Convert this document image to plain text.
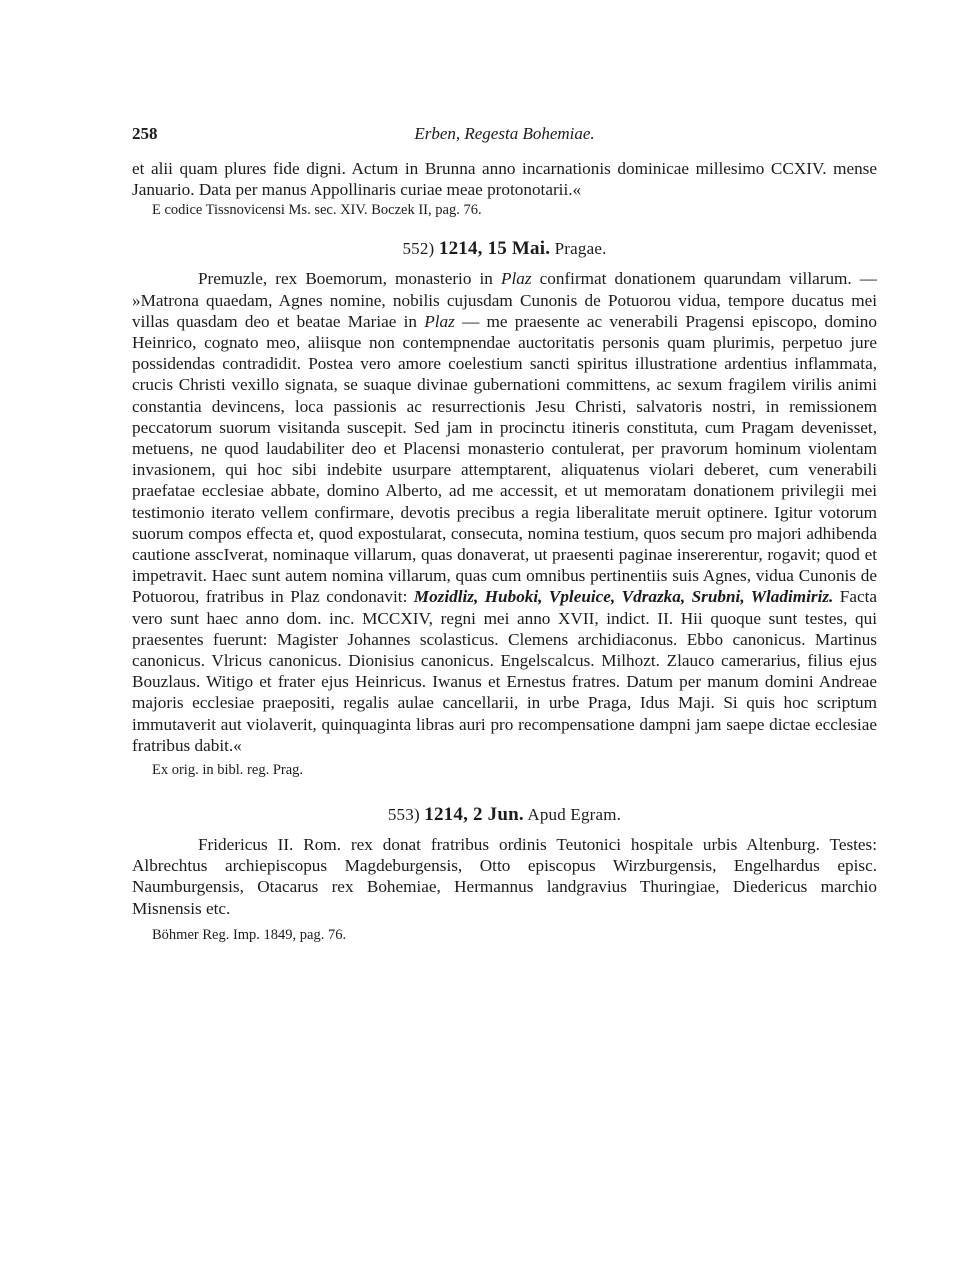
258	Erben, Regesta Bohemiae.

et alii quam plures fide digni. Actum in Brunna anno incarnationis dominicae millesimo CCXIV. mense Januario. Data per manus Appollinaris curiae meae protonotarii.«

E codice Tissnovicensi Ms. sec. XIV. Boczek II, pag. 76.

552) 1214, 15 Mai. Pragae.

Premuzle, rex Boemorum, monasterio in Plaz confirmat donationem quarundam villarum. — »Matrona quaedam, Agnes nomine, nobilis cujusdam Cunonis de Potuorou vidua, tempore ducatus mei villas quasdam deo et beatae Mariae in Plaz — me praesente ac venerabili Pragensi episcopo, domino Heinrico, cognato meo, aliisque non contempnendae auctoritatis personis quam plurimis, perpetuo jure possidendas contradidit. Postea vero amore coelestium sancti spiritus illustratione ardentius inflammata, crucis Christi vexillo signata, se suaque divinae gubernationi committens, ac sexum fragilem virilis animi constantia devincens, loca passionis ac resurrectionis Jesu Christi, salvatoris nostri, in remissionem peccatorum suorum visitanda suscepit. Sed jam in procinctu itineris constituta, cum Pragam devenisset, metuens, ne quod laudabiliter deo et Placensi monasterio contulerat, per pravorum hominum violentam invasionem, qui hoc sibi indebite usurpare attemptarent, aliquatenus violari deberet, cum venerabili praefatae ecclesiae abbate, domino Alberto, ad me accessit, et ut memoratam donationem privilegii mei testimonio iterato vellem confirmare, devotis precibus a regia liberalitate meruit optinere. Igitur votorum suorum compos effecta et, quod expostularat, consecuta, nomina testium, quos secum pro majori adhibenda cautione asscIverat, nominaque villarum, quas donaverat, ut praesenti paginae insererentur, rogavit; quod et impetravit. Haec sunt autem nomina villarum, quas cum omnibus pertinentiis suis Agnes, vidua Cunonis de Potuorou, fratribus in Plaz condonavit: Mozidliz, Huboki, Vpleuice, Vdrazka, Srubni, Wladimiriz. Facta vero sunt haec anno dom. inc. MCCXIV, regni mei anno XVII, indict. II. Hii quoque sunt testes, qui praesentes fuerunt: Magister Johannes scolasticus. Clemens archidiaconus. Ebbo canonicus. Martinus canonicus. Vlricus canonicus. Dionisius canonicus. Engelscalcus. Milhozt. Zlauco camerarius, filius ejus Bouzlaus. Witigo et frater ejus Heinricus. Iwanus et Ernestus fratres. Datum per manum domini Andreae majoris ecclesiae praepositi, regalis aulae cancellarii, in urbe Praga, Idus Maji. Si quis hoc scriptum immutaverit aut violaverit, quinquaginta libras auri pro recompensatione dampni jam saepe dictae ecclesiae fratribus dabit.«

Ex orig. in bibl. reg. Prag.

553) 1214, 2 Jun. Apud Egram.

Fridericus II. Rom. rex donat fratribus ordinis Teutonici hospitale urbis Altenburg. Testes: Albrechtus archiepiscopus Magdeburgensis, Otto episcopus Wirzburgensis, Engelhardus episc. Naumburgensis, Otacarus rex Bohemiae, Hermannus landgravius Thuringiae, Diedericus marchio Misnensis etc.

Böhmer Reg. Imp. 1849, pag. 76.
